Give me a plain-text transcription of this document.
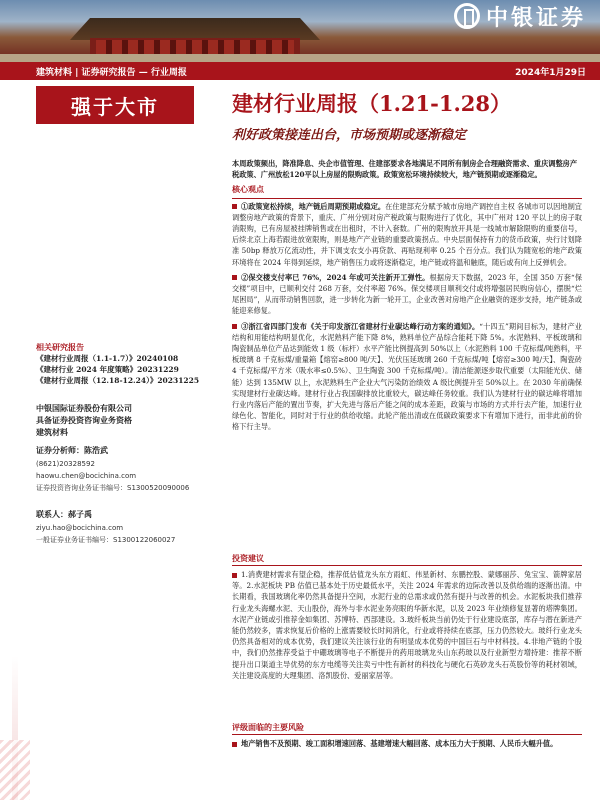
中银证券
建筑材料 | 证券研究报告 — 行业周报	2024年1月29日
强于大市	建材行业周报（1.21-1.28）
利好政策接连出台，市场预期或逐渐稳定
相关研究报告
《建材行业周报（1.1-1.7）》20240108
《建材行业 2024 年度策略》20231229
《建材行业周报（12.18-12.24）》20231225
中银国际证券股份有限公司
具备证券投资咨询业务资格
建筑材料
证券分析师：陈浩武
(8621)20328592
haowu.chen@bocichina.com
证券投资咨询业务证书编号：S1300520090006
联系人：郝子禹
ziyu.hao@bocichina.com
一般证券业务证书编号：S1300122060027
本周政策频出，降准降息、央企市值管理、住建部要求各地满足不同所有制房企合理融资需求、重庆调整房产税政策、广州放松120平以上房屋的限购政策。政策宽松环境持续较大，地产链预期或逐渐稳定。
核心观点
①政策宽松持续，地产链后周期预期或稳定。在住建部充分赋予城市房地产调控自主权 各城市可以因地制宜调整房地产政策的背景下，重庆、广州分别对房产税政策与限购进行了优化，其中广州对 120 平以上的房子取消限购，已有房屋被挂牌销售或在出租时，不计入套数。广州的限购放开具是一线城市解除限购的重要信号，后续北京上海若跟进放宽限购，则是地产产业链的重要政策拐点。中央层面保持有力的货币政策，央行讨划降准 50bp 释放万亿流动性，并下调支农支小再贷款、再贴现利率 0.25 个百分点。我们认为随宽松的地产政策环境将在 2024 年得到延续，地产销售压力或将逐渐稳定，地产链或将温和触底，随后或有向上反弹机会。
②保交楼支付率已 76%，2024 年或可关注新开工弹性。根据房天下数据，2023 年，全国 350 万套“保交楼”项目中，已顺利交付 268 万套，交付率超 76%。保交楼项目顺利交付或将增强居民购房信心，摆脱“烂尾困局”，从而带动销售回款，进一步转化为新一轮开工，企业改善对房地产企业融资的逐步支持，地产链条或能迎来修复。
③浙江省四部门发布《关于印发浙江省建材行业碳达峰行动方案的通知》。“十四五”期间目标为，建材产业结构和用能结构明显优化，水泥熟料产能下降 8%，熟料单位产品综合能耗下降 5%。水泥熟料、平板玻璃和陶瓷制品单位产品达到能效 1 级（标杆）水平产能比例提高到 50%以上（水泥熟料 100 千克标煤/吨熟料，平板玻璃 8 千克标煤/重量箱【熔窑≥800 吨/天】、光伏压延玻璃 260 千克标煤/吨【熔窑≥300 吨/天】、陶瓷砖 4 千克标煤/平方米（吸水率≤0.5%）、卫生陶瓷 300 千克标煤/吨）。清洁能源逐步取代重要（太阳能光伏、储能）达到 135MW 以上，水泥熟料生产企业大气污染防治绩效 A 级比例提升至 50%以上。在 2030 年前确保实现建材行业碳达峰。建材行业占我国碳排放比重较大，碳达峰任务较重。我们认为建材行业的碳达峰将增加行业内落后产能的置出节奏，扩大先进与落后产能之间的成本差距，政策与市场的方式并行去产能，加速行业绿色化、智能化，同时对于行业的供给收缩。此轮产能出清或在低碳政策要求下有增加下进行，而非此前的价格下行主导。
投资建议
1.消费建材需求有望企稳，推荐低估值龙头东方雨虹、伟星新材、东鹏控股、蒙娜丽莎、兔宝宝、箭牌家居等。2.水泥板块 PB 估值已基本处于历史最低水平，关注 2024 年需求的边际改善以及供给端的逐渐出清。中长期看，我国玻璃化率仍然具备提升空间，水泥行业的总需求或仍然有提升与改善的机会。水泥板块我们推荐行业龙头海螺水泥、天山股份，海外与非水泥业务亮眼的华新水泥，以及 2023 年业绩修复显著的塔牌集团。水泥产业链或引推荐金如集团、苏博特、西部建设。3.玻纤板块当前仍处于行业建设底部，库存与潜在新进产能仍然较多，需求恢复后价格的上涨需要较长时间消化，行业或将持续在底部，压力仍然较大。玻纤行业龙头仍然具备相对的成本优势，我们建议关注该行业的有明显成本优势的中国巨石与中材科技。4.非地产链的个股中，我们仍然推荐受益于中硼玻璃等电子不断提升的药用玻璃龙头山东药玻以及行业新型方增持建：推荐不断提升出口渠道主导优势的东方电缆等关注卖亏中性有新材的科技化与硬化石英砂龙头石英股份等的耗材领域，关注建设高度的大理集团、洛凯股份、爱丽家居等。
评级面临的主要风险
地产销售不及预期、竣工面积增速回落、基建增速大幅回落、成本压力大于预期、人民币大幅升值。
